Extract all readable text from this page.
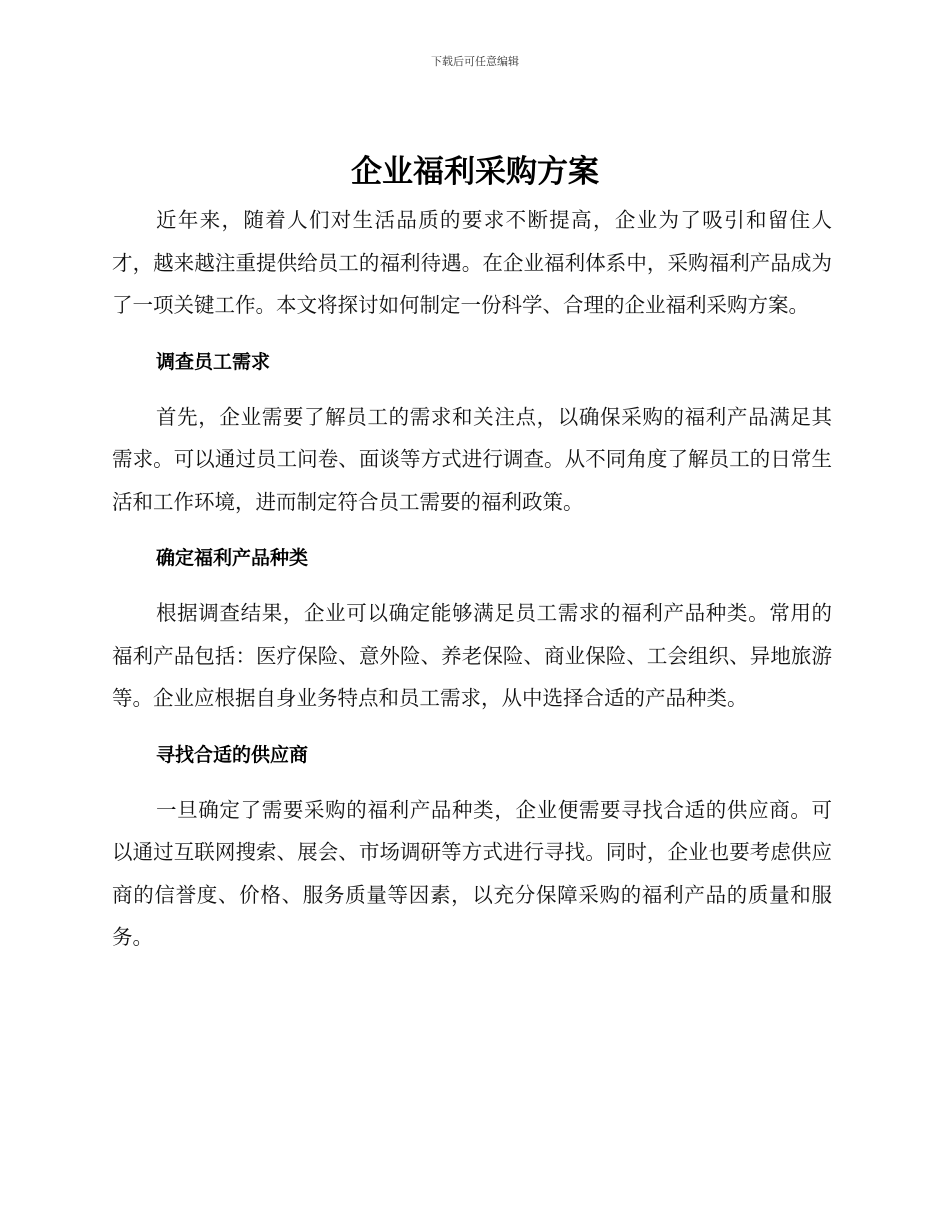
下载后可任意编辑
企业福利采购方案

近年来，随着人们对生活品质的要求不断提高，企业为了吸引和留住人才，越来越注重提供给员工的福利待遇。在企业福利体系中，采购福利产品成为了一项关键工作。本文将探讨如何制定一份科学、合理的企业福利采购方案。

调查员工需求

首先，企业需要了解员工的需求和关注点，以确保采购的福利产品满足其需求。可以通过员工问卷、面谈等方式进行调查。从不同角度了解员工的日常生活和工作环境，进而制定符合员工需要的福利政策。

确定福利产品种类

根据调查结果，企业可以确定能够满足员工需求的福利产品种类。常用的福利产品包括：医疗保险、意外险、养老保险、商业保险、工会组织、异地旅游等。企业应根据自身业务特点和员工需求，从中选择合适的产品种类。

寻找合适的供应商

一旦确定了需要采购的福利产品种类，企业便需要寻找合适的供应商。可以通过互联网搜索、展会、市场调研等方式进行寻找。同时，企业也要考虑供应商的信誉度、价格、服务质量等因素，以充分保障采购的福利产品的质量和服务。
